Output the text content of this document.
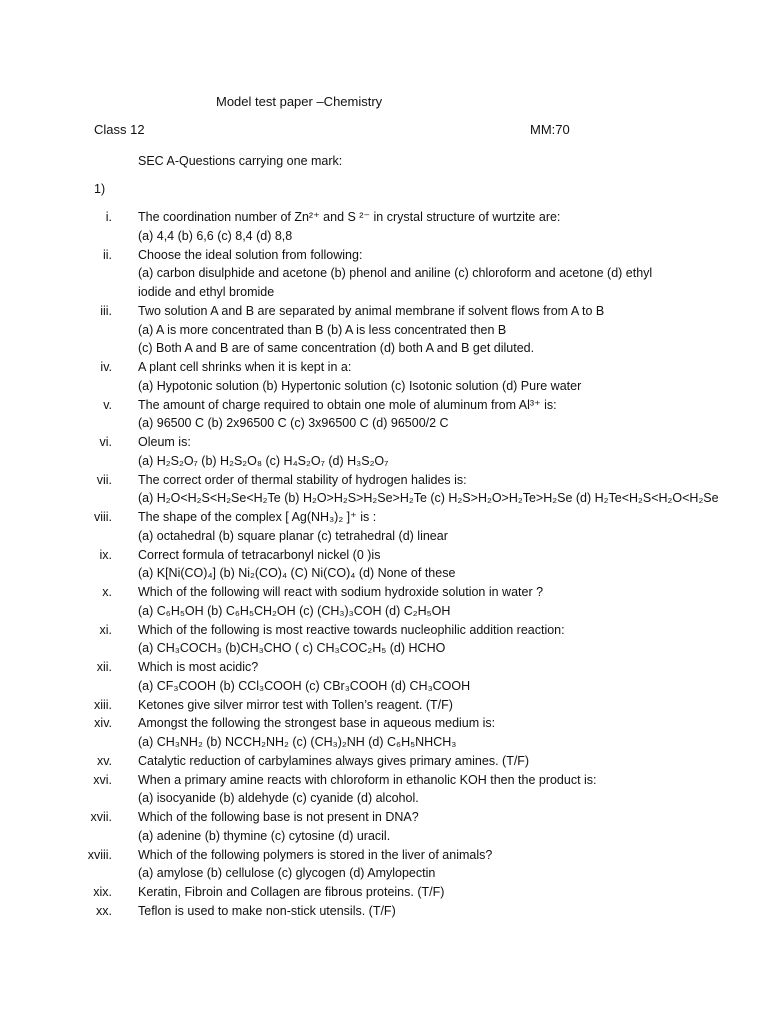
Model test paper –Chemistry
Class 12	MM:70
SEC A-Questions carrying one mark:
1)
i. The coordination number of Zn²⁺ and S ²⁻ in crystal structure of wurtzite are:
(a) 4,4 (b) 6,6 (c) 8,4 (d) 8,8
ii. Choose the ideal solution from following:
(a) carbon disulphide and acetone (b) phenol and aniline (c) chloroform and acetone (d) ethyl
iodide and ethyl bromide
iii. Two solution A and B are separated by animal membrane if solvent flows from A to B
(a) A is more concentrated than B (b) A is less concentrated then B
(c) Both A and B are of same concentration (d) both A and B get diluted.
iv. A plant cell shrinks when it is kept in a:
(a) Hypotonic solution (b) Hypertonic solution (c) Isotonic solution (d) Pure water
v. The amount of charge required to obtain one mole of aluminum from Al³⁺ is:
(a) 96500 C (b) 2x96500 C (c) 3x96500 C (d) 96500/2 C
vi. Oleum is:
(a) H₂S₂O₇ (b) H₂S₂O₈ (c) H₄S₂O₇ (d) H₃S₂O₇
vii. The correct order of thermal stability of hydrogen halides is:
(a) H₂O<H₂S<H₂Se<H₂Te (b) H₂O>H₂S>H₂Se>H₂Te (c) H₂S>H₂O>H₂Te>H₂Se (d) H₂Te<H₂S<H₂O<H₂Se
viii. The shape of the complex [ Ag(NH₃)₂ ]⁺ is :
(a) octahedral (b) square planar (c) tetrahedral (d) linear
ix. Correct formula of tetracarbonyl nickel (0 )is
(a) K[Ni(CO)₄] (b) Ni₂(CO)₄ (C) Ni(CO)₄ (d) None of these
x. Which of the following will react with sodium hydroxide solution in water ?
(a) C₆H₅OH (b) C₆H₅CH₂OH (c) (CH₃)₃COH (d) C₂H₅OH
xi. Which of the following is most reactive towards nucleophilic addition reaction:
(a) CH₃COCH₃ (b)CH₃CHO ( c) CH₃COC₂H₅ (d) HCHO
xii. Which is most acidic?
(a) CF₃COOH (b) CCl₃COOH (c) CBr₃COOH (d) CH₃COOH
xiii. Ketones give silver mirror test with Tollen’s reagent. (T/F)
xiv. Amongst the following the strongest base in aqueous medium is:
(a) CH₃NH₂ (b) NCCH₂NH₂ (c) (CH₃)₂NH (d) C₆H₅NHCH₃
xv. Catalytic reduction of carbylamines always gives primary amines. (T/F)
xvi. When a primary amine reacts with chloroform in ethanolic KOH then the product is:
(a) isocyanide (b) aldehyde (c) cyanide (d) alcohol.
xvii. Which of the following base is not present in DNA?
(a) adenine (b) thymine (c) cytosine (d) uracil.
xviii. Which of the following polymers is stored in the liver of animals?
(a) amylose (b) cellulose (c) glycogen (d) Amylopectin
xix. Keratin, Fibroin and Collagen are fibrous proteins. (T/F)
xx. Teflon is used to make non-stick utensils. (T/F)
